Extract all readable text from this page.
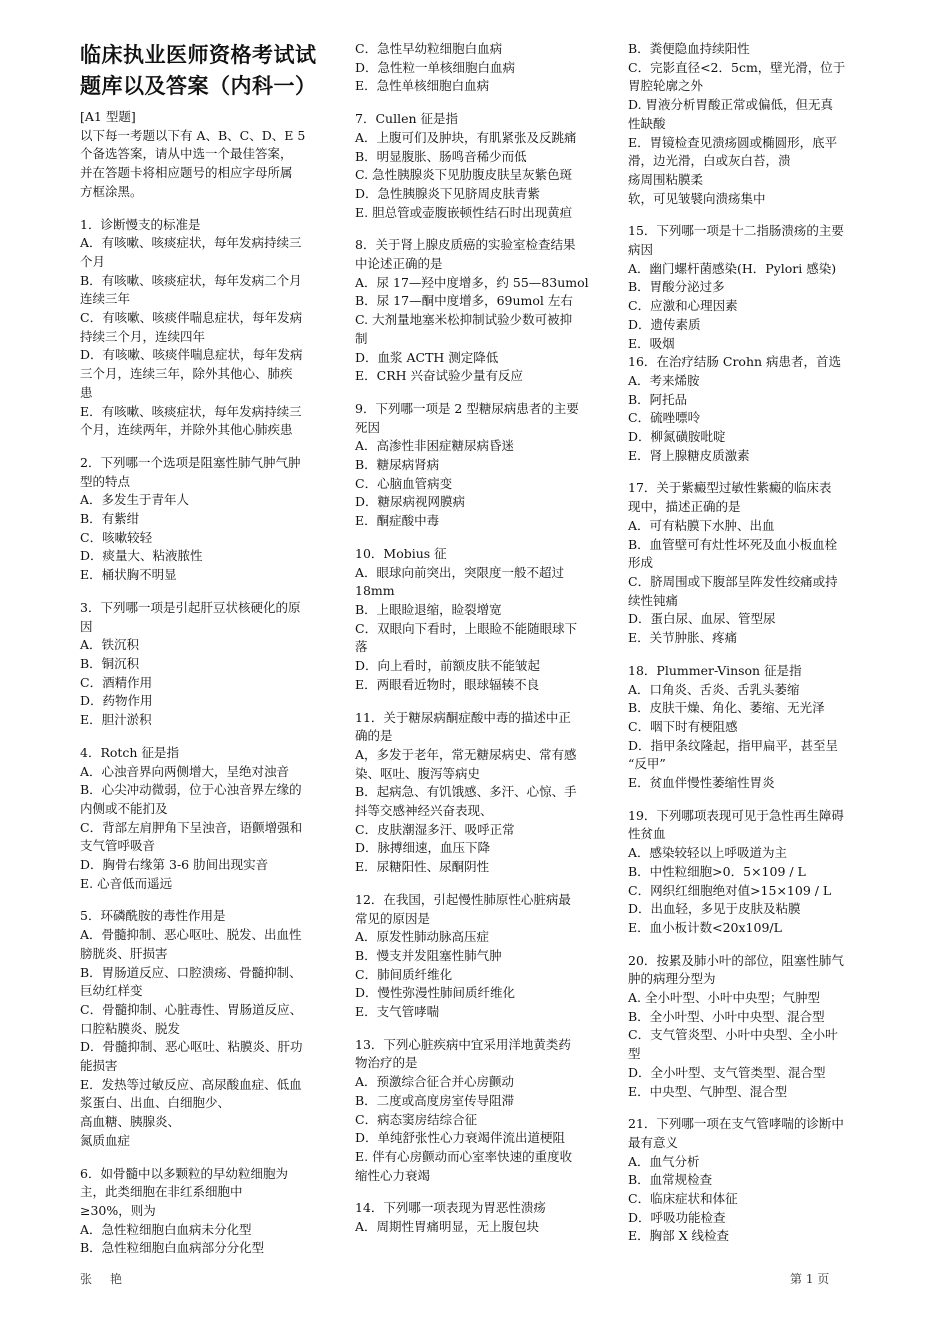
临床执业医师资格考试试
题库以及答案（内科一）
[A1 型题]
以下每一考题以下有 A、B、C、D、E 5
个备选答案，请从中选一个最佳答案，
并在答题卡将相应题号的相应字母所属
方框涂黑。
1．诊断慢支的标准是
A．有咳嗽、咳痰症状，每年发病持续三
个月
B．有咳嗽、咳痰症状，每年发病二个月
连续三年
C．有咳嗽、咳痰伴喘息症状，每年发病
持续三个月，连续四年
D．有咳嗽、咳痰伴喘息症状，每年发病
三个月，连续三年，除外其他心、肺疾
患
E．有咳嗽、咳痰症状，每年发病持续三
个月，连续两年，并除外其他心肺疾患
2．下列哪一个选项是阻塞性肺气肿气肿
型的特点
A．多发生于青年人
B．有紫绀
C．咳嗽较轻
D．痰量大、粘液脓性
E．桶状胸不明显
3．下列哪一项是引起肝豆状核硬化的原
因
A．铁沉积
B．铜沉积
C．酒精作用
D．药物作用
E．胆汁淤积
4．Rotch 征是指
A．心浊音界向两侧增大，呈绝对浊音
B．心尖冲动微弱，位于心浊音界左缘的
内侧或不能扪及
C．背部左肩胛角下呈浊音，语颤增强和
支气管呼吸音
D．胸骨右缘第 3-6 肋间出现实音
E. 心音低而遥远
5．环磷酰胺的毒性作用是
A．骨髓抑制、恶心呕吐、脱发、出血性
膀胱炎、肝损害
B．胃肠道反应、口腔溃疡、骨髓抑制、
巨幼红样变
C．骨髓抑制、心脏毒性、胃肠道反应、
口腔粘膜炎、脱发
D．骨髓抑制、恶心呕吐、粘膜炎、肝功
能损害
E．发热等过敏反应、高尿酸血症、低血
浆蛋白、出血、白细胞少、
高血糖、胰腺炎、
氮质血症
6．如骨髓中以多颗粒的早幼粒细胞为
主，此类细胞在非红系细胞中
≥30%，则为
A．急性粒细胞白血病未分化型
B．急性粒细胞白血病部分分化型
C．急性早幼粒细胞白血病
D．急性粒一单核细胞白血病
E．急性单核细胞白血病
7．Cullen 征是指
A．上腹可们及肿块，有肌紧张及反跳痛
B．明显腹胀、肠鸣音稀少而低
C. 急性胰腺炎下见肋腹皮肤呈灰紫色斑
D．急性胰腺炎下见脐周皮肤青紫
E. 胆总管或壶腹嵌顿性结石时出现黄疸
8．关于肾上腺皮质癌的实验室检查结果
中论述正确的是
A．尿 17—羟中度增多，约 55—83umol
B．尿 17—酮中度增多，69umol 左右
C. 大剂量地塞米松抑制试验少数可被抑
制
D．血浆 ACTH 测定降低
E．CRH 兴奋试验少量有反应
9．下列哪一项是 2 型糖尿病患者的主要
死因
A．高渗性非困症糖尿病昏迷
B．糖尿病肾病
C．心脑血管病变
D．糖尿病视网膜病
E．酮症酸中毒
10．Mobius 征
A．眼球向前突出，突限度一般不超过
18mm
B．上眼睑退缩，睑裂增宽
C．双眼向下看时，上眼睑不能随眼球下
落
D．向上看时，前额皮肤不能皱起
E．两眼看近物时，眼球辐辏不良
11．关于糖尿病酮症酸中毒的描述中正
确的是
A，多发于老年，常无糖尿病史、常有感
染、呕吐、腹泻等病史
B．起病急、有饥饿感、多汗、心惊、手
抖等交感神经兴奋表现、
C．皮肤潮湿多汗、吸呼正常
D．脉搏细速，血压下降
E．尿糖阳性、尿酮阴性
12．在我国，引起慢性肺原性心脏病最
常见的原因是
A．原发性肺动脉高压症
B．慢支并发阻塞性肺气肿
C．肺间质纤维化
D．慢性弥漫性肺间质纤维化
E．支气管哮喘
13．下列心脏疾病中宜采用洋地黄类药
物治疗的是
A．预激综合征合并心房颤动
B．二度或高度房室传导阻滞
C．病态窦房结综合征
D．单纯舒张性心力衰竭伴流出道梗阻
E. 伴有心房颤动而心室率快速的重度收
缩性心力衰竭
14．下列哪一项表现为胃恶性溃疡
A．周期性胃痛明显，无上腹包块
B．粪便隐血持续阳性
C．完影直径<2．5cm，壁光滑，位于
胃腔轮廓之外
D. 胃液分析胃酸正常或偏低，但无真
性缺酸
E．胃镜检查见溃疡圆或椭圆形，底平
滑，边光滑，白或灰白苔，溃
疡周围粘膜柔
软，可见皱襞向溃疡集中
15．下列哪一项是十二指肠溃疡的主要
病因
A．幽门螺杆菌感染(H．Pylori 感染)
B．胃酸分泌过多
C．应激和心理因素
D．遗传素质
E．吸烟
16．在治疗结肠 Crohn 病患者，首选
A．考来烯胺
B．阿托品
C．硫唑嘌呤
D．柳氮磺胺吡啶
E．肾上腺糖皮质激素
17．关于紫癜型过敏性紫癜的临床表
现中，描述正确的是
A．可有粘膜下水肿、出血
B．血管壁可有灶性坏死及血小板血栓
形成
C．脐周围或下腹部呈阵发性绞痛或持
续性钝痛
D．蛋白尿、血尿、管型尿
E．关节肿胀、疼痛
18．Plummer-Vinson 征是指
A．口角炎、舌炎、舌乳头萎缩
B．皮肤干燥、角化、萎缩、无光泽
C．咽下时有梗阻感
D．指甲条纹隆起，指甲扁平，甚至呈
“反甲”
E．贫血伴慢性萎缩性胃炎
19．下列哪项表现可见于急性再生障碍
性贫血
A．感染较轻以上呼吸道为主
B．中性粒细胞>0．5×109 / L
C．网织红细胞绝对值>15×109 / L
D．出血轻，多见于皮肤及粘膜
E．血小板计数<20x109/L
20．按累及肺小叶的部位，阻塞性肺气
肿的病理分型为
A. 全小叶型、小叶中央型；气肿型
B．全小叶型、小叶中央型、混合型
C．支气管炎型、小叶中央型、全小叶
型
D．全小叶型、支气管类型、混合型
E．中央型、气肿型、混合型
21．下列哪一项在支气管哮喘的诊断中
最有意义
A．血气分析
B．血常规检查
C．临床症状和体征
D．呼吸功能检查
E．胸部 X 线检查
张艳	第 1 页
